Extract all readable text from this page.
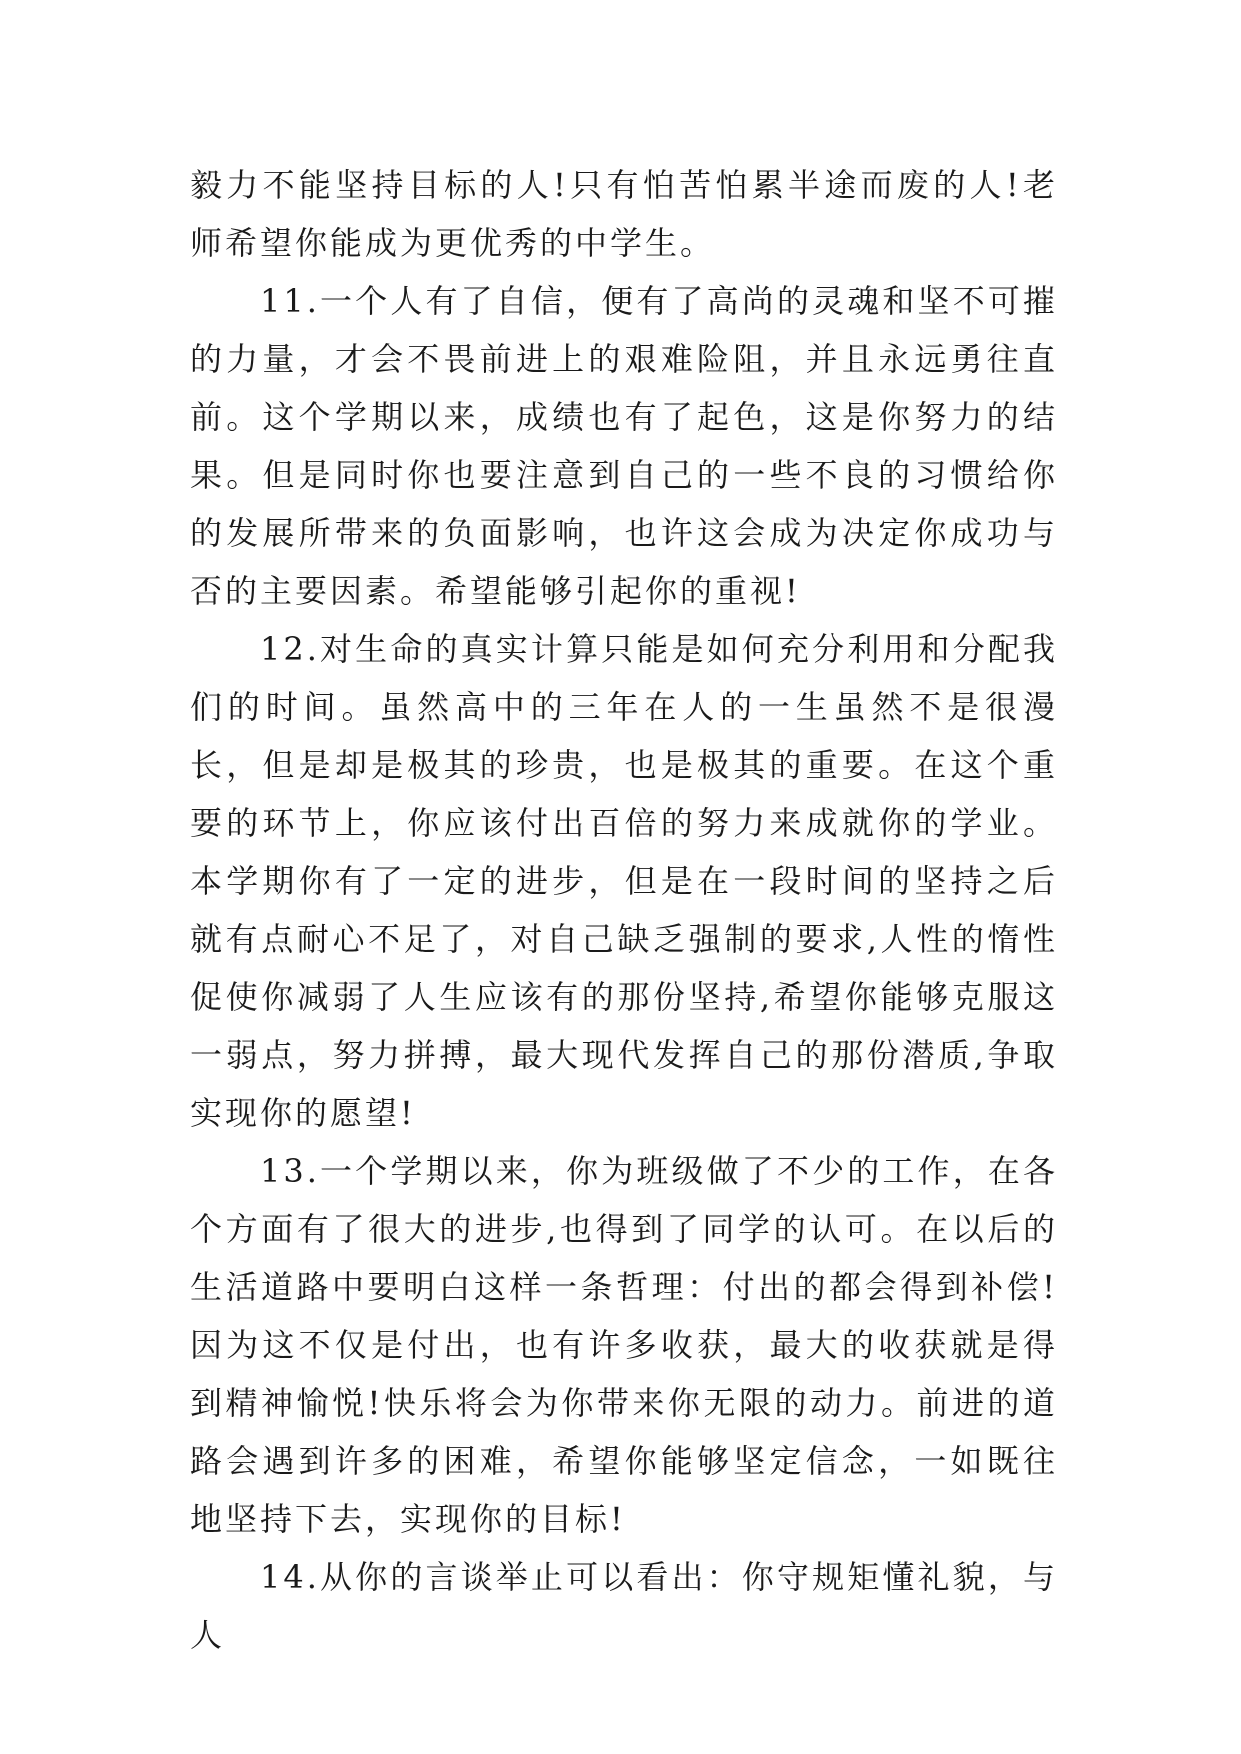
毅力不能坚持目标的人!只有怕苦怕累半途而废的人!老师希望你能成为更优秀的中学生。

11.一个人有了自信，便有了高尚的灵魂和坚不可摧的力量，才会不畏前进上的艰难险阻，并且永远勇往直前。这个学期以来，成绩也有了起色，这是你努力的结果。但是同时你也要注意到自己的一些不良的习惯给你的发展所带来的负面影响，也许这会成为决定你成功与否的主要因素。希望能够引起你的重视!

12.对生命的真实计算只能是如何充分利用和分配我们的时间。虽然高中的三年在人的一生虽然不是很漫长，但是却是极其的珍贵，也是极其的重要。在这个重要的环节上，你应该付出百倍的努力来成就你的学业。本学期你有了一定的进步，但是在一段时间的坚持之后就有点耐心不足了，对自己缺乏强制的要求,人性的惰性促使你减弱了人生应该有的那份坚持,希望你能够克服这一弱点，努力拼搏，最大现代发挥自己的那份潜质,争取实现你的愿望!

13.一个学期以来，你为班级做了不少的工作，在各个方面有了很大的进步,也得到了同学的认可。在以后的生活道路中要明白这样一条哲理：付出的都会得到补偿!因为这不仅是付出，也有许多收获，最大的收获就是得到精神愉悦!快乐将会为你带来你无限的动力。前进的道路会遇到许多的困难，希望你能够坚定信念，一如既往地坚持下去，实现你的目标!

14.从你的言谈举止可以看出：你守规矩懂礼貌，与人
